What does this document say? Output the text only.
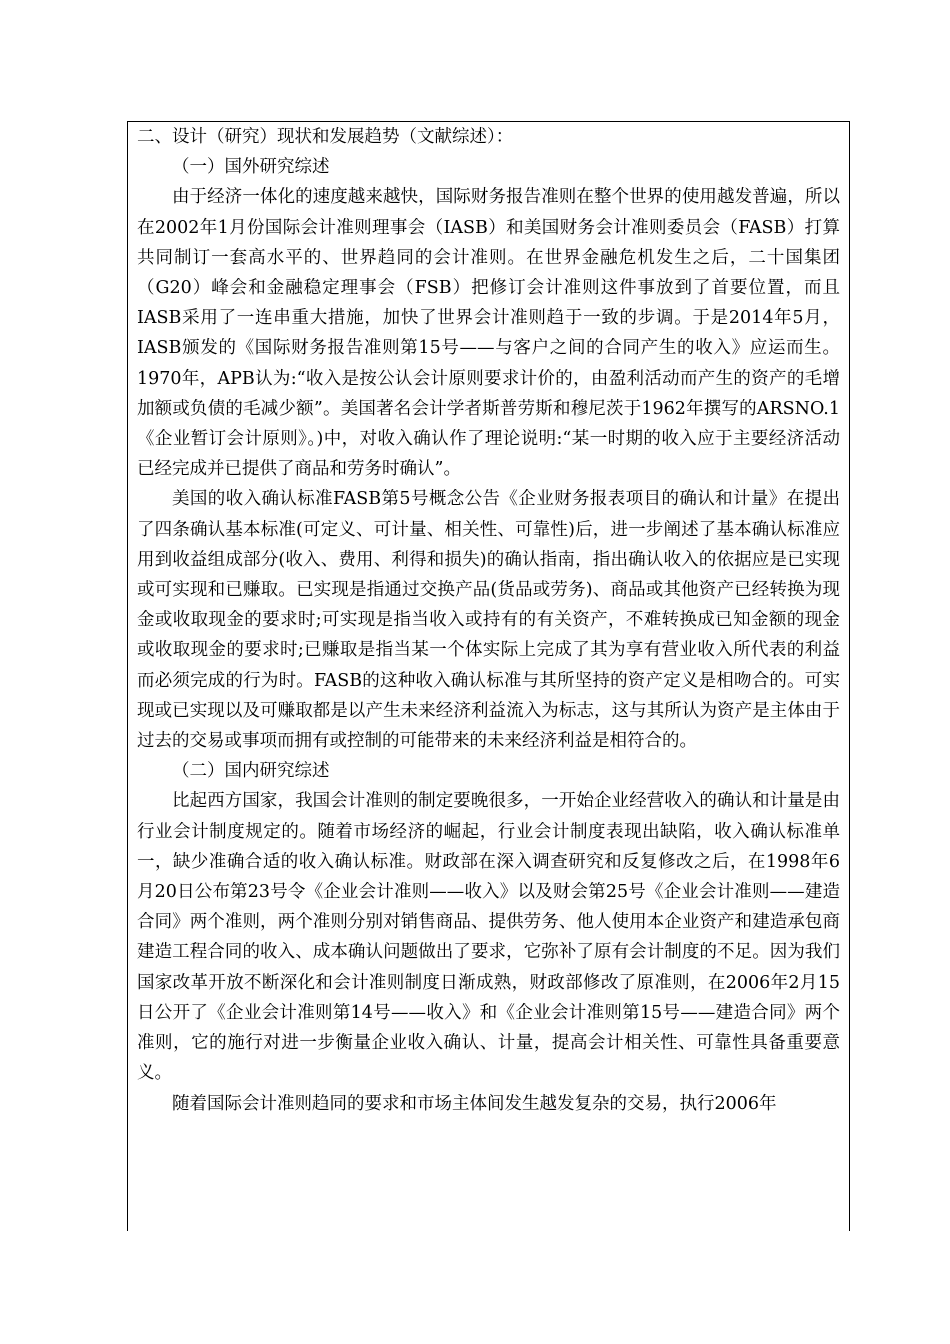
二、设计（研究）现状和发展趋势（文献综述）：

（一）国外研究综述

由于经济一体化的速度越来越快，国际财务报告准则在整个世界的使用越发普遍，所以在2002年1月份国际会计准则理事会（IASB）和美国财务会计准则委员会（FASB）打算共同制订一套高水平的、世界趋同的会计准则。在世界金融危机发生之后，二十国集团（G20）峰会和金融稳定理事会（FSB）把修订会计准则这件事放到了首要位置，而且IASB采用了一连串重大措施，加快了世界会计准则趋于一致的步调。于是2014年5月，IASB颁发的《国际财务报告准则第15号——与客户之间的合同产生的收入》应运而生。1970年，APB认为:“收入是按公认会计原则要求计价的，由盈利活动而产生的资产的毛增加额或负债的毛减少额”。美国著名会计学者斯普劳斯和穆尼茨于1962年撰写的ARSNO.1《企业暂订会计原则》。)中，对收入确认作了理论说明:“某一时期的收入应于主要经济活动已经完成并已提供了商品和劳务时确认”。

美国的收入确认标准FASB第5号概念公告《企业财务报表项目的确认和计量》在提出了四条确认基本标准(可定义、可计量、相关性、可靠性)后，进一步阐述了基本确认标准应用到收益组成部分(收入、费用、利得和损失)的确认指南，指出确认收入的依据应是已实现或可实现和已赚取。已实现是指通过交换产品(货品或劳务)、商品或其他资产已经转换为现金或收取现金的要求时;可实现是指当收入或持有的有关资产，不难转换成已知金额的现金或收取现金的要求时;已赚取是指当某一个体实际上完成了其为享有营业收入所代表的利益而必须完成的行为时。FASB的这种收入确认标准与其所坚持的资产定义是相吻合的。可实现或已实现以及可赚取都是以产生未来经济利益流入为标志，这与其所认为资产是主体由于过去的交易或事项而拥有或控制的可能带来的未来经济利益是相符合的。

（二）国内研究综述

比起西方国家，我国会计准则的制定要晚很多，一开始企业经营收入的确认和计量是由行业会计制度规定的。随着市场经济的崛起，行业会计制度表现出缺陷，收入确认标准单一，缺少准确合适的收入确认标准。财政部在深入调查研究和反复修改之后，在1998年6月20日公布第23号令《企业会计准则——收入》以及财会第25号《企业会计准则——建造合同》两个准则，两个准则分别对销售商品、提供劳务、他人使用本企业资产和建造承包商建造工程合同的收入、成本确认问题做出了要求，它弥补了原有会计制度的不足。因为我们国家改革开放不断深化和会计准则制度日渐成熟，财政部修改了原准则，在2006年2月15日公开了《企业会计准则第14号——收入》和《企业会计准则第15号——建造合同》两个准则，它的施行对进一步衡量企业收入确认、计量，提高会计相关性、可靠性具备重要意义。

随着国际会计准则趋同的要求和市场主体间发生越发复杂的交易，执行2006年
